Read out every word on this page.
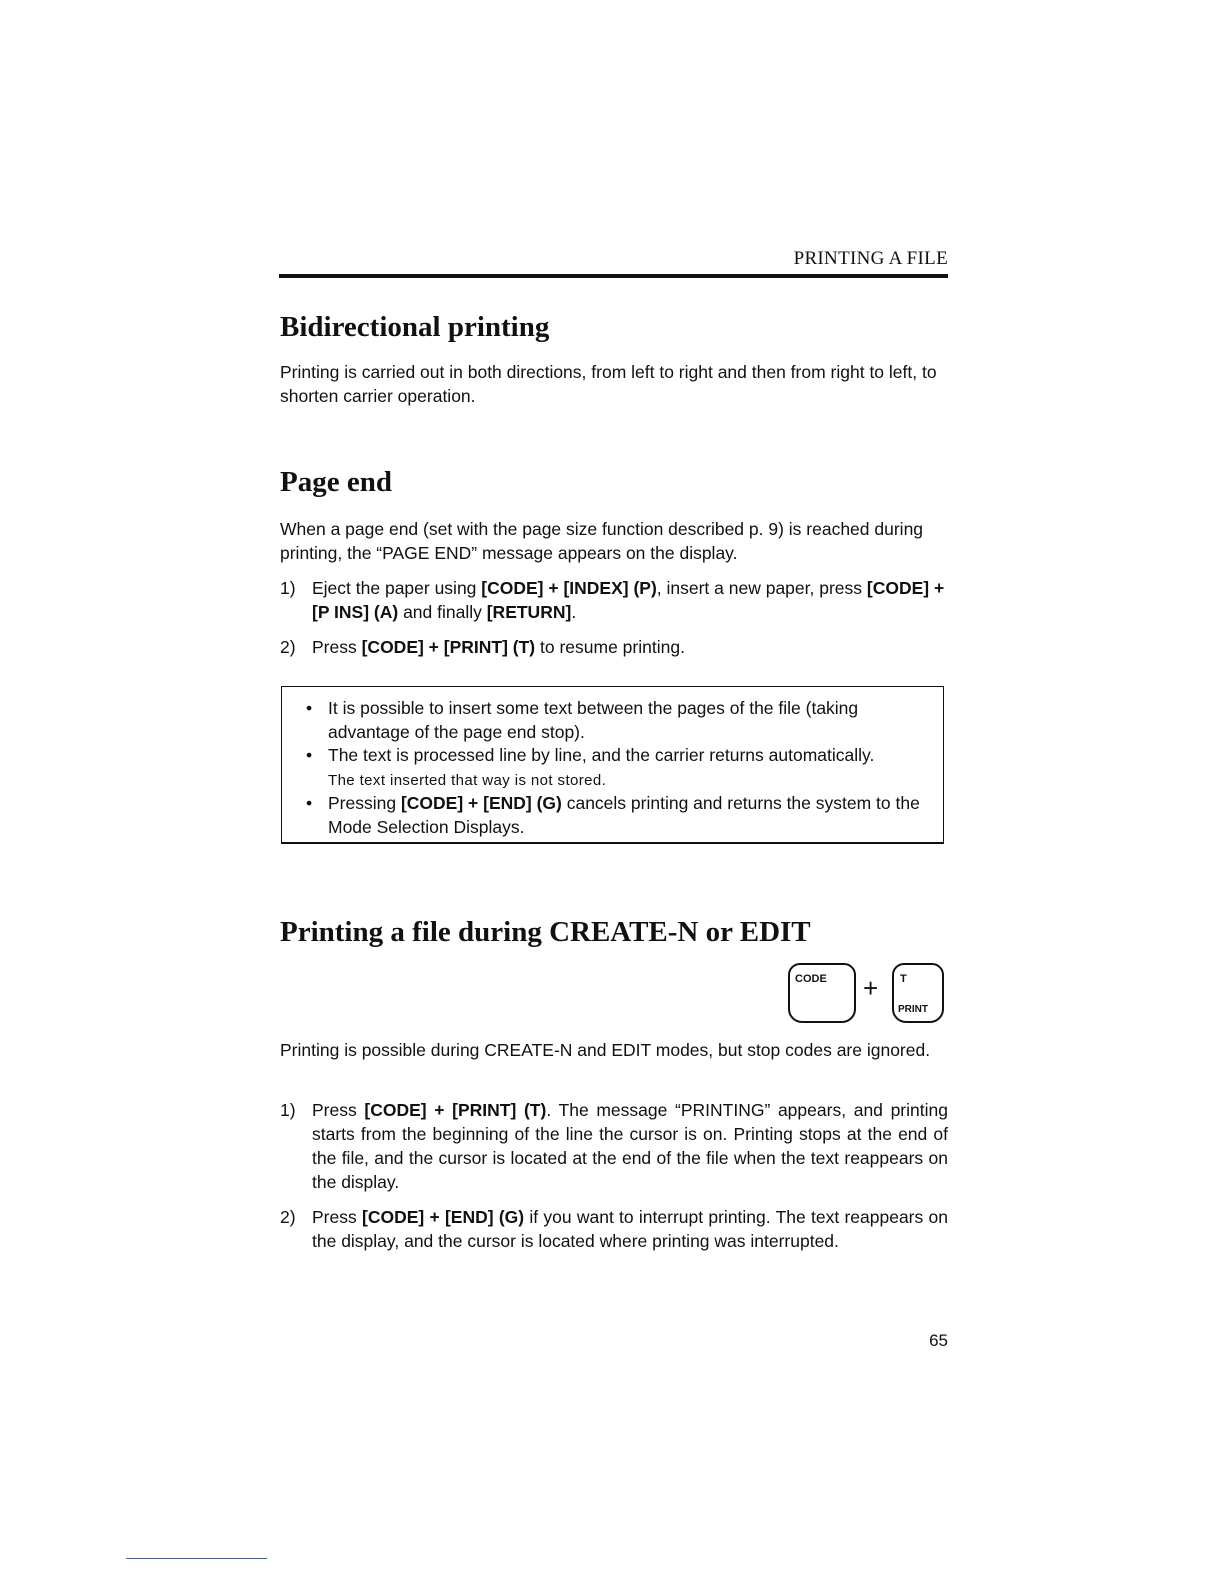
PRINTING A FILE
Bidirectional printing

Printing is carried out in both directions, from left to right and then from right to left, to shorten carrier operation.

Page end

When a page end (set with the page size function described p. 9) is reached during printing, the “PAGE END” message appears on the display.

1) Eject the paper using [CODE] + [INDEX] (P), insert a new paper, press [CODE] + [P INS] (A) and finally [RETURN].
2) Press [CODE] + [PRINT] (T) to resume printing.
• It is possible to insert some text between the pages of the file (taking advantage of the page end stop).
• The text is processed line by line, and the carrier returns automatically.
The text inserted that way is not stored.
• Pressing [CODE] + [END] (G) cancels printing and returns the system to the Mode Selection Displays.
Printing a file during CREATE-N or EDIT
CODE + T
PRINT

Printing is possible during CREATE-N and EDIT modes, but stop codes are ignored.

1) Press [CODE] + [PRINT] (T). The message “PRINTING” appears, and printing starts from the beginning of the line the cursor is on. Printing stops at the end of the file, and the cursor is located at the end of the file when the text reappears on the display.
2) Press [CODE] + [END] (G) if you want to interrupt printing. The text reappears on the display, and the cursor is located where printing was interrupted.
65
